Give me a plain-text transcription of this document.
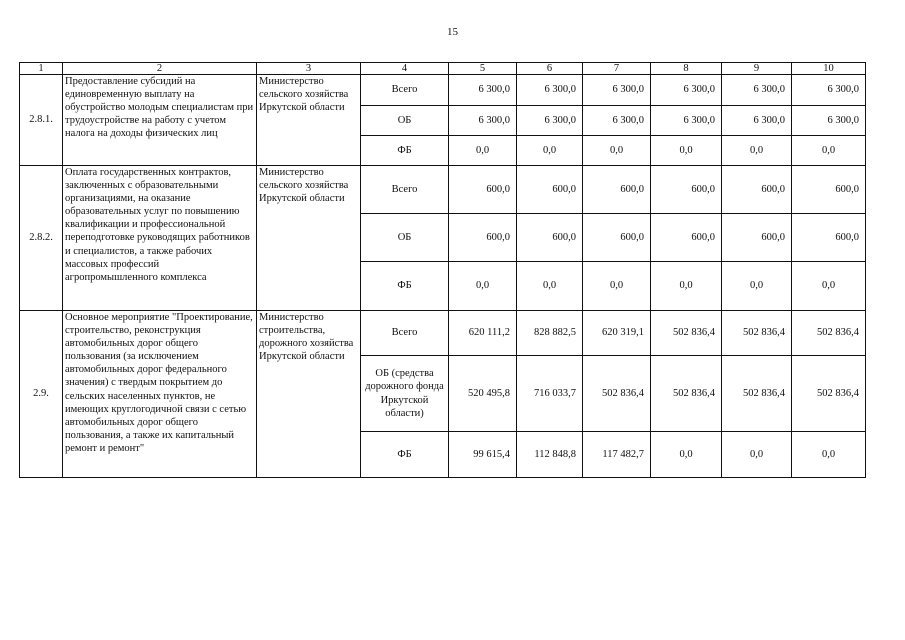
15
1	2	3	4	5	6	7	8	9	10
2.8.1.	Предоставление субсидий на единовременную выплату на обустройство молодым специалистам при трудоустройстве на работу с учетом налога на доходы физических лиц	Министерство сельского хозяйства Иркутской области	Всего	6 300,0	6 300,0	6 300,0	6 300,0	6 300,0	6 300,0
			ОБ	6 300,0	6 300,0	6 300,0	6 300,0	6 300,0	6 300,0
			ФБ	0,0	0,0	0,0	0,0	0,0	0,0
2.8.2.	Оплата государственных контрактов, заключенных с образовательными организациями, на оказание образовательных услуг по повышению квалификации и профессиональной переподготовке руководящих работников и специалистов, а также рабочих массовых профессий агропромышленного комплекса	Министерство сельского хозяйства Иркутской области	Всего	600,0	600,0	600,0	600,0	600,0	600,0
			ОБ	600,0	600,0	600,0	600,0	600,0	600,0
			ФБ	0,0	0,0	0,0	0,0	0,0	0,0
2.9.	Основное мероприятие "Проектирование, строительство, реконструкция автомобильных дорог общего пользования (за исключением автомобильных дорог федерального значения) с твердым покрытием до сельских населенных пунктов, не имеющих круглогодичной связи с сетью автомобильных дорог общего пользования, а также их капитальный ремонт и ремонт"	Министерство строительства, дорожного хозяйства Иркутской области	Всего	620 111,2	828 882,5	620 319,1	502 836,4	502 836,4	502 836,4
			ОБ (средства дорожного фонда Иркутской области)	520 495,8	716 033,7	502 836,4	502 836,4	502 836,4	502 836,4
			ФБ	99 615,4	112 848,8	117 482,7	0,0	0,0	0,0
